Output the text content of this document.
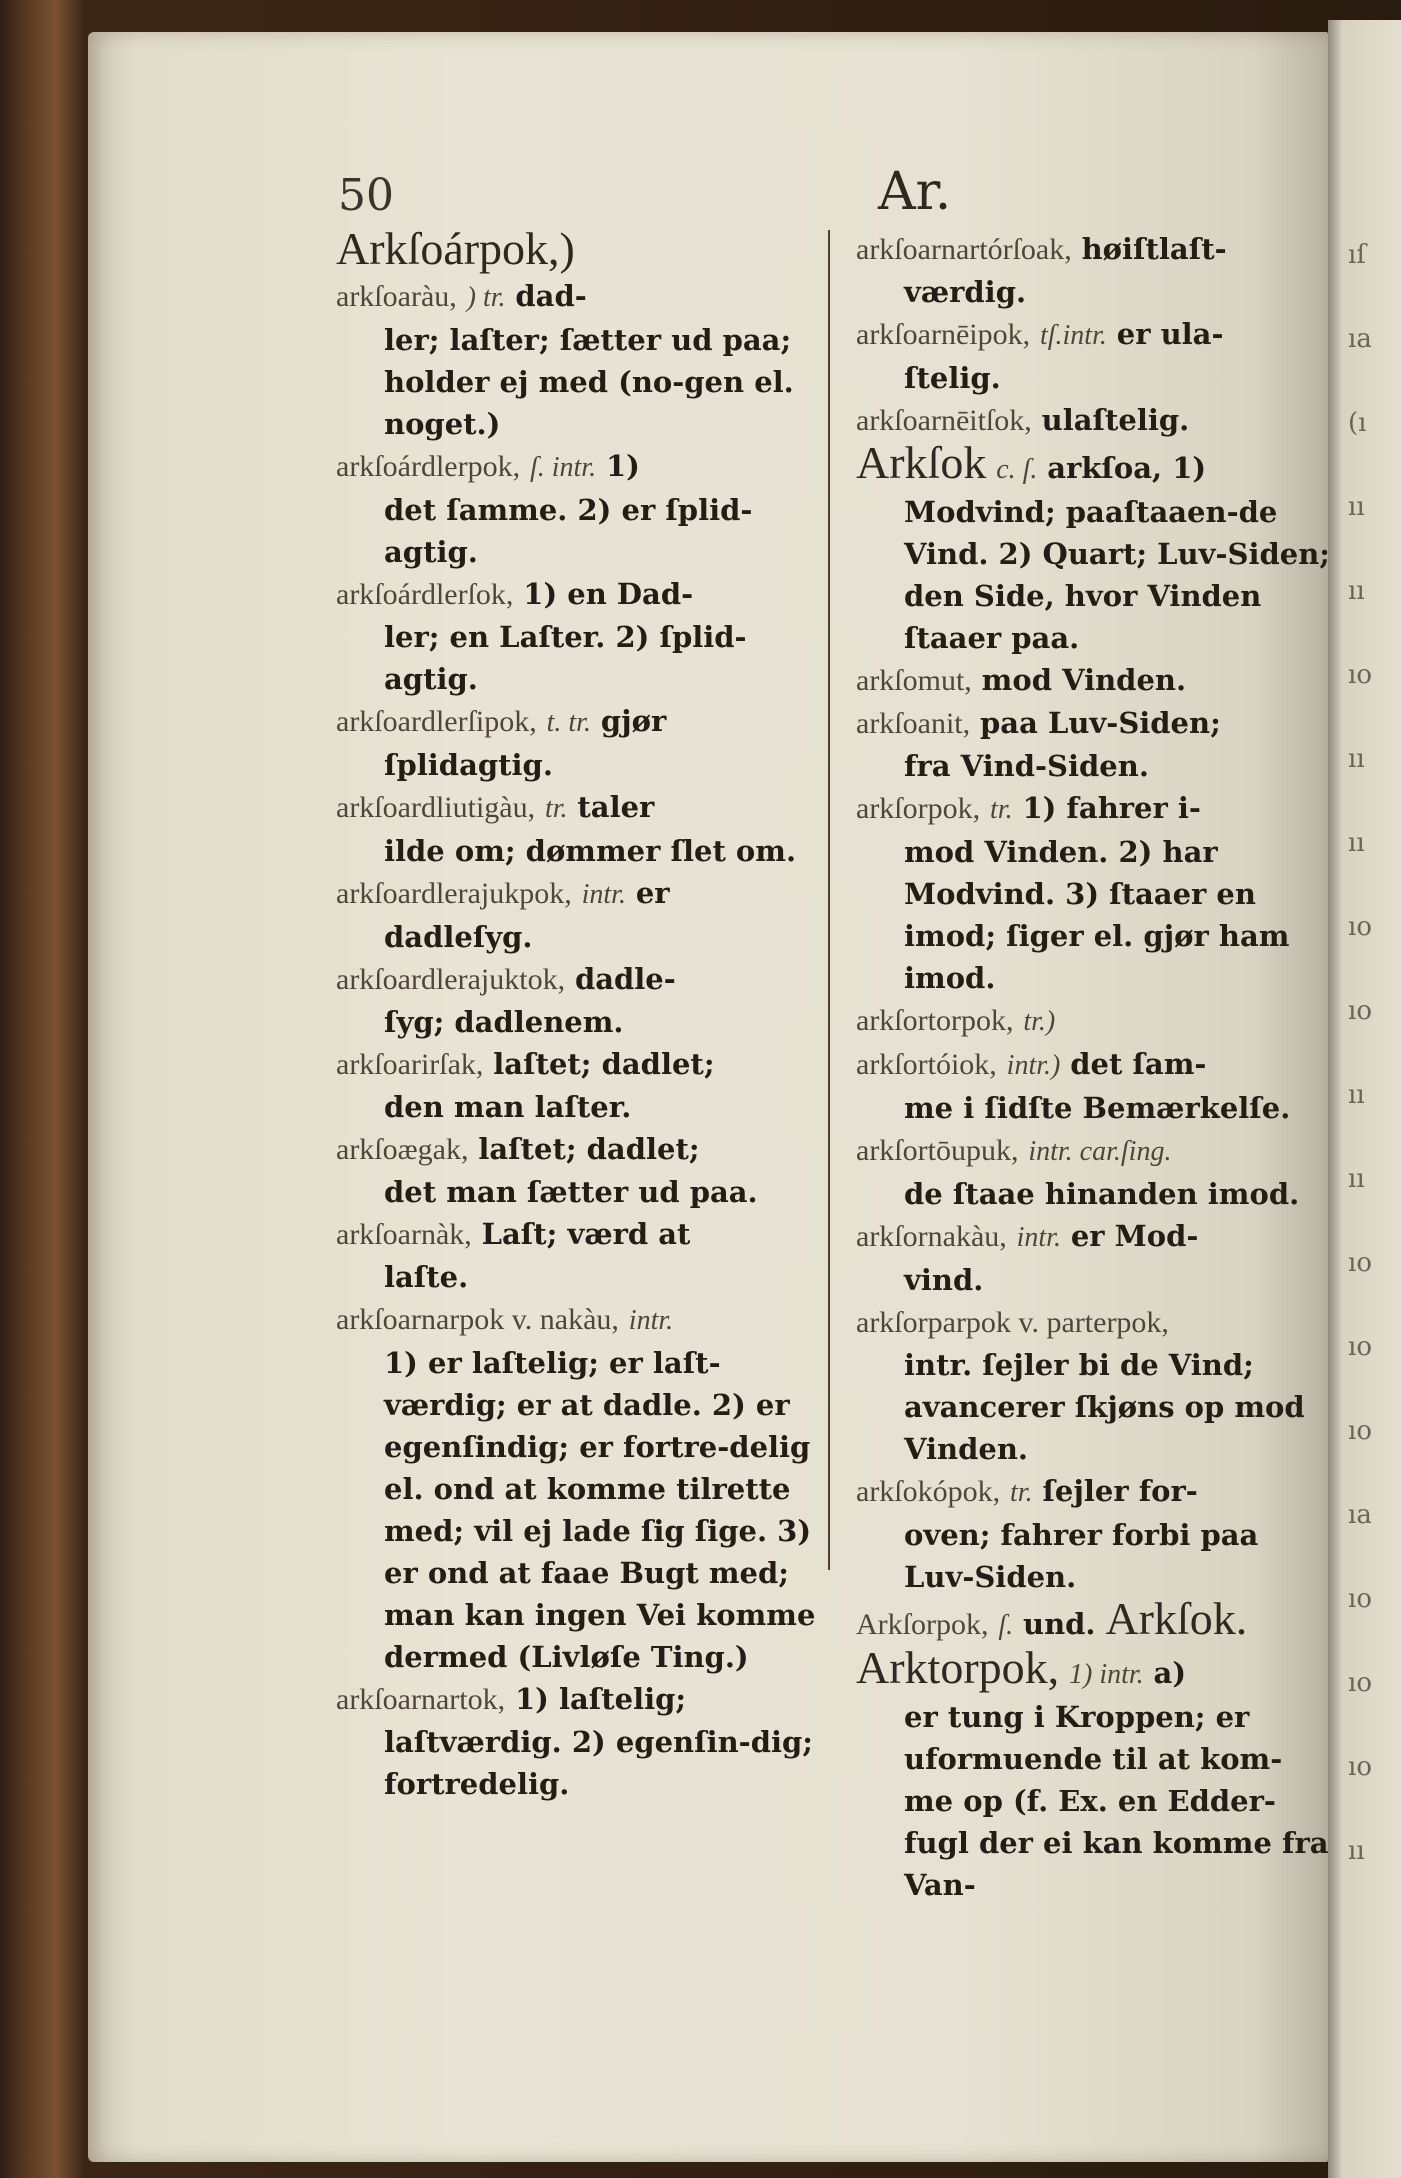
ıſ
ıa
(ı
ıı
ıı
ıo
ıı
ıı
ıo
ıo
ıı
ıı
ıo
ıo
ıo
ıa
ıo
ıo
ıo
ıı
50	Ar.

Arkſoárpok,)

arkſoaràu, ) tr. dad-
ler; laſter; ſætter ud paa; holder ej med (no-gen el. noget.)

arkſoárdlerpok, ſ. intr. 1)
det ſamme. 2) er ſplid-agtig.

arkſoárdlerſok, 1) en Dad-
ler; en Laſter. 2) ſplid-agtig.

arkſoardlerſipok, t. tr. gjør
ſplidagtig.

arkſoardliutigàu, tr. taler
ilde om; dømmer ſlet om.

arkſoardlerajukpok, intr. er
dadleſyg.

arkſoardlerajuktok, dadle-
ſyg; dadlenem.

arkſoarirſak, laſtet; dadlet;
den man laſter.

arkſoægak, laſtet; dadlet;
det man ſætter ud paa.

arkſoarnàk, Laſt; værd at
laſte.

arkſoarnarpok v. nakàu, intr.
1) er laſtelig; er laſt-værdig; er at dadle. 2) er egenſindig; er fortre-delig el. ond at komme tilrette med; vil ej lade ſig ſige. 3) er ond at faae Bugt med; man kan ingen Vei komme dermed (Livløſe Ting.)

arkſoarnartok, 1) laſtelig;
laſtværdig. 2) egenſin-dig; fortredelig.

arkſoarnartórſoak, høiſtlaſt-
værdig.

arkſoarnēipok, tſ.intr. er ula-
ſtelig.

arkſoarnēitſok, ulaſtelig.

Arkſok c. ſ. arkſoa, 1)
Modvind; paaſtaaen-de Vind. 2) Quart; Luv-Siden; den Side, hvor Vinden ſtaaer paa.

arkſomut, mod Vinden.

arkſoanit, paa Luv-Siden;
fra Vind-Siden.

arkſorpok, tr. 1) fahrer i-
mod Vinden. 2) har Modvind. 3) ſtaaer en imod; ſiger el. gjør ham imod.

arkſortorpok, tr.)

arkſortóiok, intr.) det ſam-
me i ſidſte Bemærkelſe.

arkſortōupuk, intr. car.ſing.
de ſtaae hinanden imod.

arkſornakàu, intr. er Mod-
vind.

arkſorparpok v. parterpok,
intr. ſejler bi de Vind; avancerer ſkjøns op mod Vinden.

arkſokópok, tr. ſejler for-
oven; fahrer forbi paa Luv-Siden.

Arkſorpok, ſ. und. Arkſok.

Arktorpok, 1) intr. a)
er tung i Kroppen; er uformuende til at kom-me op (f. Ex. en Edder-fugl der ei kan komme fra Van-
